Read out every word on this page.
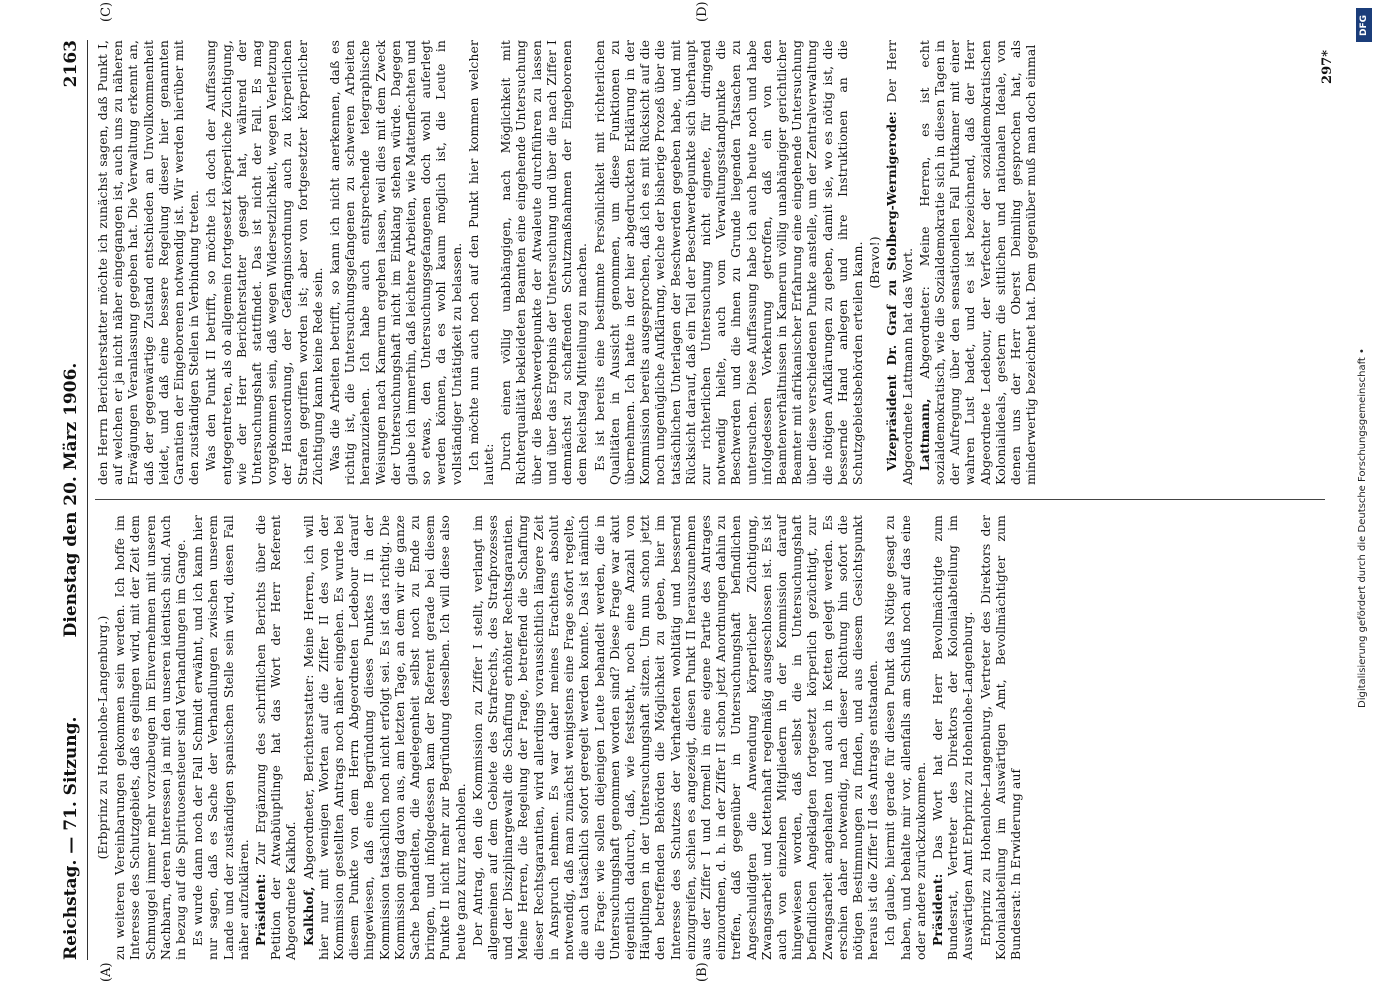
Reichstag. — 71. Sitzung.
Dienstag den 20. März 1906.
2163
(A)	(B)
(C)	(D)

(Erbprinz zu Hohenlohe-Langenburg.) zu weiteren Vereinbarungen gekommen sein werden. Ich hoffe im Interesse des Schutzgebiets, daß es gelingen wird, mit der Zeit dem Schmuggel immer mehr vorzubeugen im Einvernehmen mit unseren Nachbarn, deren Interessen ja mit den unseren identisch sind. Auch in bezug auf die Spirituosensteuer sind Verhandlungen im Gange. Es wurde dann noch der Fall Schmidt erwähnt, und ich kann hier nur sagen, daß es Sache der Verhandlungen zwischen unserem Lande und der zuständigen spanischen Stelle sein wird, diesen Fall näher aufzuklären. Präsident: Zur Ergänzung des schriftlichen Berichts über die Petition der Atwabüuptlinge hat das Wort der Herr Referent Abgeordnete Kalkhof. Kalkhof, Abgeordneter, Berichterstatter: Meine Herren, ich will hier nur mit wenigen Worten auf die Ziffer II des von der Kommission gestellten Antrags noch näher eingehen. Es wurde bei diesem Punkte von dem Herrn Abgeordneten Ledebour darauf hingewiesen, daß eine Begründung dieses Punktes II in der Kommission tatsächlich noch nicht erfolgt sei. Es ist das richtig. Die Kommission ging davon aus, am letzten Tage, an dem wir die ganze Sache behandelten, die Angelegenheit selbst noch zu Ende zu bringen, und infolgedessen kam der Referent gerade bei diesem Punkte II nicht mehr zur Begründung desselben. Ich will diese also heute ganz kurz nachholen. Der Antrag, den die Kommission zu Ziffer I stellt, verlangt im allgemeinen auf dem Gebiete des Strafrechts, des Strafprozesses und der Disziplinargewalt die Schaffung erhöhter Rechtsgarantien. Meine Herren, die Regelung der Frage, betreffend die Schaffung dieser Rechtsgarantien, wird allerdings voraussichtlich längere Zeit in Anspruch nehmen. Es war daher meines Erachtens absolut notwendig, daß man zunächst wenigstens eine Frage sofort regelte, die auch tatsächlich sofort geregelt werden konnte. Das ist nämlich die Frage: wie sollen diejenigen Leute behandelt werden, die in Untersuchungshaft genommen worden sind? Diese Frage war akut eigentlich dadurch, daß, wie feststeht, noch eine Anzahl von Häuptlingen in der Untersuchungshaft sitzen. Um nun schon jetzt den betreffenden Behörden die Möglichkeit zu geben, hier im Interesse des Schutzes der Verhafteten wohltätig und bessernd einzugreifen, schien es angezeigt, diesen Punkt II herauszunehmen aus der Ziffer I und formell in eine eigene Partie des Antrages einzuordnen, d. h. in der Ziffer II schon jetzt Anordnungen dahin zu treffen, daß gegenüber in Untersuchungshaft befindlichen Angeschuldigten die Anwendung körperlicher Züchtigung, Zwangsarbeit und Kettenhaft regelmäßig ausgeschlossen ist. Es ist auch von einzelnen Mitgliedern in der Kommission darauf hingewiesen worden, daß selbst die in Untersuchungshaft befindlichen Angeklagten fortgesetzt körperlich gezüchtigt, zur Zwangsarbeit angehalten und auch in Ketten gelegt werden. Es erschien daher notwendig, nach dieser Richtung hin sofort die nötigen Bestimmungen zu finden, und aus diesem Gesichtspunkt heraus ist die Ziffer II des Antrags entstanden. Ich glaube, hiermit gerade für diesen Punkt das Nötige gesagt zu haben, und behalte mir vor, allenfalls am Schluß noch auf das eine oder andere zurückzukommen. Präsident: Das Wort hat der Herr Bevollmächtigte zum Bundesrat, Vertreter des Direktors der Kolonialabteilung im Auswärtigen Amt Erbprinz zu Hohenlohe-Langenburg. Erbprinz zu Hohenlohe-Langenburg, Vertreter des Direktors der Kolonialabteilung im Auswärtigen Amt, Bevollmächtigter zum Bundesrat: In Erwiderung auf

den Herrn Berichterstatter möchte ich zunächst sagen, daß Punkt I, auf welchen er ja nicht näher eingegangen ist, auch uns zu näheren Erwägungen Veranlassung gegeben hat. Die Verwaltung erkennt an, daß der gegenwärtige Zustand entschieden an Unvollkommenheit leidet, und daß eine bessere Regelung dieser hier genannten Garantien der Eingeborenen notwendig ist. Wir werden hierüber mit den zuständigen Stellen in Verbindung treten. Was den Punkt II betrifft, so möchte ich doch der Auffassung entgegentreten, als ob allgemein fortgesetzt körperliche Züchtigung, wie der Herr Berichterstatter gesagt hat, während der Untersuchungshaft stattfindet. Das ist nicht der Fall. Es mag vorgekommen sein, daß wegen Widersetzlichkeit, wegen Verletzung der Hausordnung, der Gefängnisordnung auch zu körperlichen Strafen gegriffen worden ist; aber von fortgesetzter körperlicher Züchtigung kann keine Rede sein. Was die Arbeiten betrifft, so kann ich nicht anerkennen, daß es richtig ist, die Untersuchungsgefangenen zu schweren Arbeiten heranzuziehen. Ich habe auch entsprechende telegraphische Weisungen nach Kamerun ergehen lassen, weil dies mit dem Zweck der Untersuchungshaft nicht im Einklang stehen würde. Dagegen glaube ich immerhin, daß leichtere Arbeiten, wie Mattenflechten und so etwas, den Untersuchungsgefangenen doch wohl auferlegt werden können, da es wohl kaum möglich ist, die Leute in vollständiger Untätigkeit zu belassen. Ich möchte nun auch noch auf den Punkt hier kommen welcher lautet: Durch einen völlig unabhängigen, nach Möglichkeit mit Richterqualität bekleideten Beamten eine eingehende Untersuchung über die Beschwerdepunkte der Atwaleute durchführen zu lassen und über das Ergebnis der Untersuchung und über die nach Ziffer I demnächst zu schaffenden Schutzmaßnahmen der Eingeborenen dem Reichstag Mitteilung zu machen. Es ist bereits eine bestimmte Persönlichkeit mit richterlichen Qualitäten in Aussicht genommen, um diese Funktionen zu übernehmen. Ich hatte in der hier abgedruckten Erklärung in der Kommission bereits ausgesprochen, daß ich es mit Rücksicht auf die noch ungenügliche Aufklärung, welche der bisherige Prozeß über die tatsächlichen Unterlagen der Beschwerden gegeben habe, und mit Rücksicht darauf, daß ein Teil der Beschwerdepunkte sich überhaupt zur richterlichen Untersuchung nicht eignete, für dringend notwendig hielte, auch vom Verwaltungsstandpunkte die Beschwerden und die ihnen zu Grunde liegenden Tatsachen zu untersuchen. Diese Auffassung habe ich auch heute noch und habe infolgedessen Vorkehrung getroffen, daß ein von den Beamtenverhältnissen in Kamerun völlig unabhängiger gerichtlicher Beamter mit afrikanischer Erfahrung eine eingehende Untersuchung über diese verschiedenen Punkte anstelle, um der Zentralverwaltung die nötigen Aufklärungen zu geben, damit sie, wo es nötig ist, die bessernde Hand anlegen und ihre Instruktionen an die Schutzgebietsbehörden erteilen kann. (Bravo!) Vizepräsident Dr. Graf zu Stolberg-Wernigerode: Der Herr Abgeordnete Lattmann hat das Wort. Lattmann, Abgeordneter: Meine Herren, es ist echt sozialdemokratisch, wie die Sozialdemokratie sich in diesen Tagen in der Aufregung über den sensationellen Fall Puttkamer mit einer wahren Lust badet, und es ist bezeichnend, daß der Herr Abgeordnete Ledebour, der Verfechter der sozialdemokratischen Kolonialideals, gestern die sittlichen und nationalen Ideale, von denen uns der Herr Oberst Deimling gesprochen hat, als minderwertig bezeichnet hat. Dem gegenüber muß man doch einmal	297*
DFG
Digitalisierung gefördert durch die Deutsche Forschungsgemeinschaft •
